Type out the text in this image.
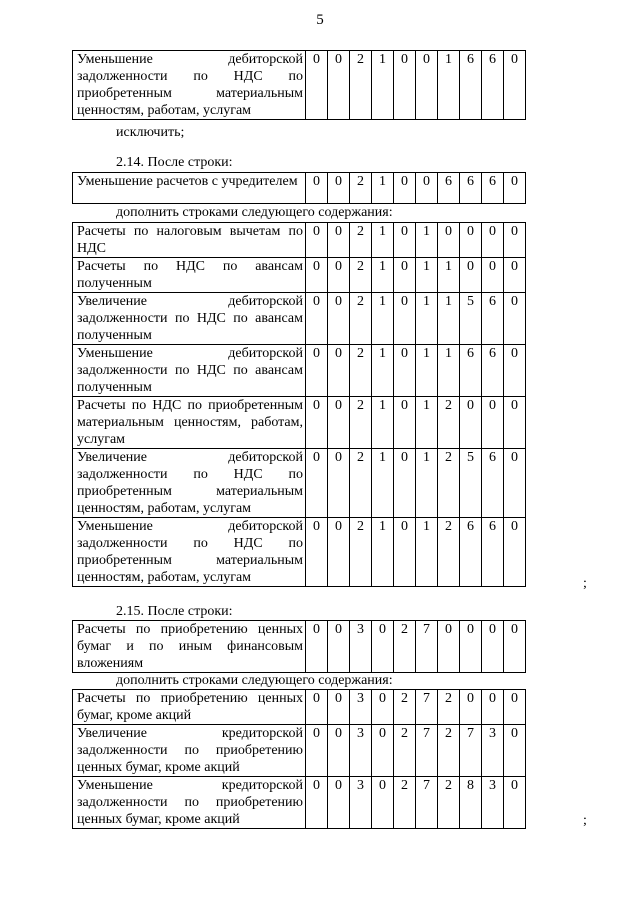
5
Уменьшение дебиторской задолженности по НДС по приобретенным материальным ценностям, работам, услугам	0	0	2	1	0	0	1	6	6	0
исключить;
2.14. После строки:
Уменьшение расчетов с учредителем	0	0	2	1	0	0	6	6	6	0
дополнить строками следующего содержания:
Расчеты по налоговым вычетам по НДС	0	0	2	1	0	1	0	0	0	0
Расчеты по НДС по авансам полученным	0	0	2	1	0	1	1	0	0	0
Увеличение дебиторской задолженности по НДС по авансам полученным	0	0	2	1	0	1	1	5	6	0
Уменьшение дебиторской задолженности по НДС по авансам полученным	0	0	2	1	0	1	1	6	6	0
Расчеты по НДС по приобретенным материальным ценностям, работам, услугам	0	0	2	1	0	1	2	0	0	0
Увеличение дебиторской задолженности по НДС по приобретенным материальным ценностям, работам, услугам	0	0	2	1	0	1	2	5	6	0
Уменьшение дебиторской задолженности по НДС по приобретенным материальным ценностям, работам, услугам	0	0	2	1	0	1	2	6	6	0
;
2.15. После строки:
Расчеты по приобретению ценных бумаг и по иным финансовым вложениям	0	0	3	0	2	7	0	0	0	0
дополнить строками следующего содержания:
Расчеты по приобретению ценных бумаг, кроме акций	0	0	3	0	2	7	2	0	0	0
Увеличение кредиторской задолженности по приобретению ценных бумаг, кроме акций	0	0	3	0	2	7	2	7	3	0
Уменьшение кредиторской задолженности по приобретению ценных бумаг, кроме акций	0	0	3	0	2	7	2	8	3	0
;
